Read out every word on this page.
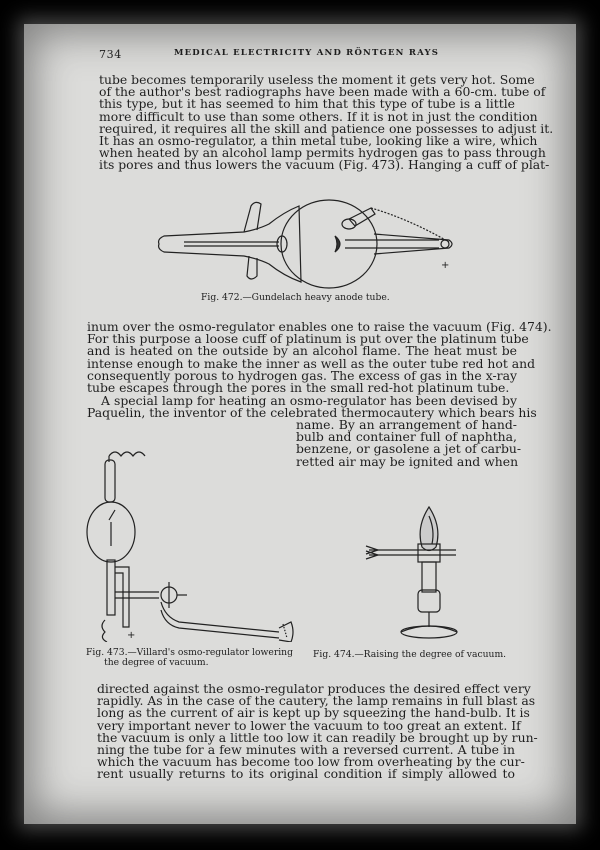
734	MEDICAL ELECTRICITY AND RÖNTGEN RAYS
tube becomes temporarily useless the moment it gets very hot. Some
of the author's best radiographs have been made with a 60-cm. tube of
this type, but it has seemed to him that this type of tube is a little
more difficult to use than some others. If it is not in just the condition
required, it requires all the skill and patience one possesses to adjust it.
It has an osmo-regulator, a thin metal tube, looking like a wire, which
when heated by an alcohol lamp permits hydrogen gas to pass through
its pores and thus lowers the vacuum (Fig. 473). Hanging a cuff of plat-
+
Fig. 472.—Gundelach heavy anode tube.
inum over the osmo-regulator enables one to raise the vacuum (Fig. 474).
For this purpose a loose cuff of platinum is put over the platinum tube
and is heated on the outside by an alcohol flame. The heat must be
intense enough to make the inner as well as the outer tube red hot and
consequently porous to hydrogen gas. The excess of gas in the x-ray
tube escapes through the pores in the small red-hot platinum tube.
A special lamp for heating an osmo-regulator has been devised by
Paquelin, the inventor of the celebrated thermocautery which bears his
name. By an arrangement of hand-
bulb and container full of naphtha,
benzene, or gasolene a jet of carbu-
retted air may be ignited and when
+
Fig. 473.—Villard's osmo-regulator lowering
the degree of vacuum.
Fig. 474.—Raising the degree of vacuum.
directed against the osmo-regulator produces the desired effect very
rapidly. As in the case of the cautery, the lamp remains in full blast as
long as the current of air is kept up by squeezing the hand-bulb. It is
very important never to lower the vacuum to too great an extent. If
the vacuum is only a little too low it can readily be brought up by run-
ning the tube for a few minutes with a reversed current. A tube in
which the vacuum has become too low from overheating by the cur-
rent usually returns to its original condition if simply allowed to
